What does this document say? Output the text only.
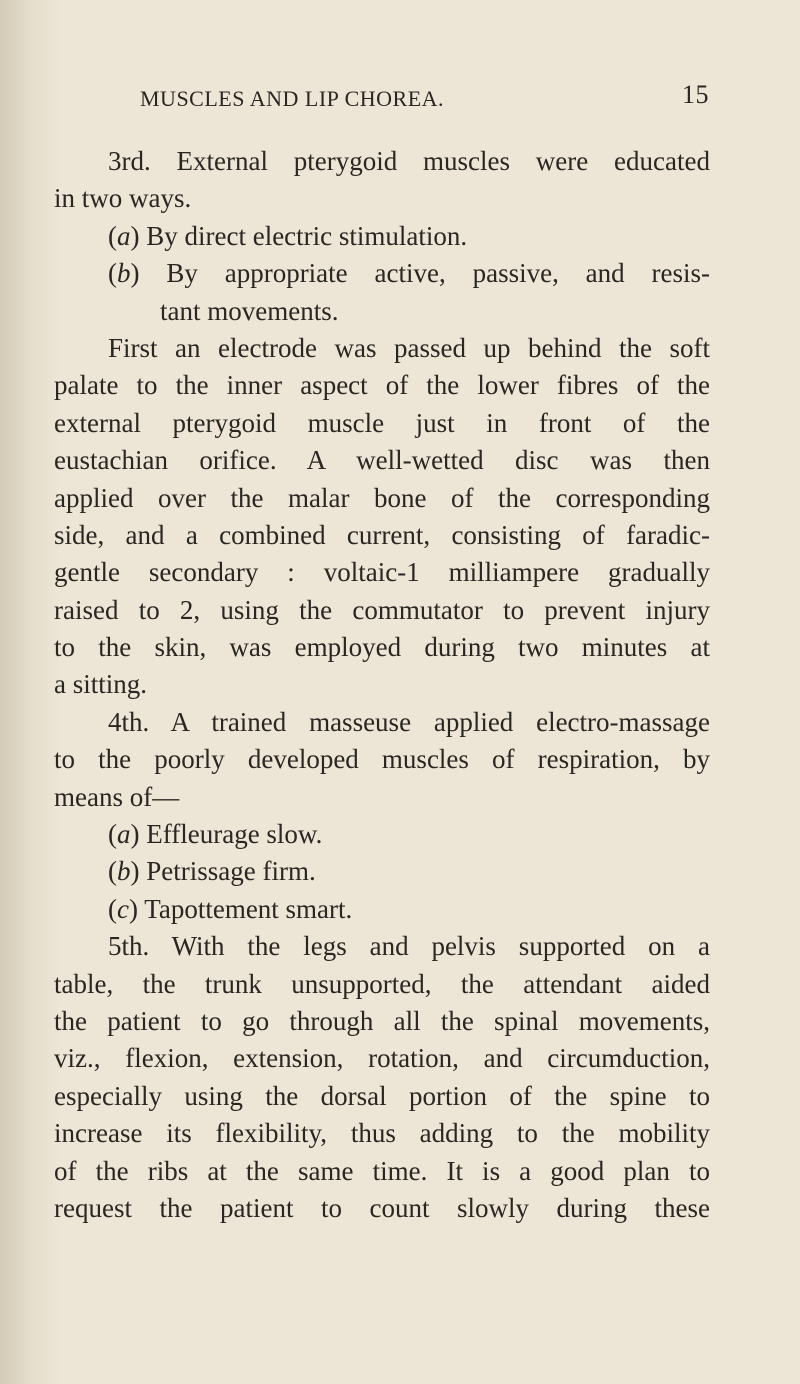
MUSCLES AND LIP CHOREA.	15
3rd. External pterygoid muscles were educated
in two ways.
(a) By direct electric stimulation.
(b) By appropriate active, passive, and resis-
tant movements.
First an electrode was passed up behind the soft
palate to the inner aspect of the lower fibres of the
external pterygoid muscle just in front of the
eustachian orifice. A well-wetted disc was then
applied over the malar bone of the corresponding
side, and a combined current, consisting of faradic-
gentle secondary : voltaic-1 milliampere gradually
raised to 2, using the commutator to prevent injury
to the skin, was employed during two minutes at
a sitting.
4th. A trained masseuse applied electro-massage
to the poorly developed muscles of respiration, by
means of—
(a) Effleurage slow.
(b) Petrissage firm.
(c) Tapottement smart.
5th. With the legs and pelvis supported on a
table, the trunk unsupported, the attendant aided
the patient to go through all the spinal movements,
viz., flexion, extension, rotation, and circumduction,
especially using the dorsal portion of the spine to
increase its flexibility, thus adding to the mobility
of the ribs at the same time. It is a good plan to
request the patient to count slowly during these
